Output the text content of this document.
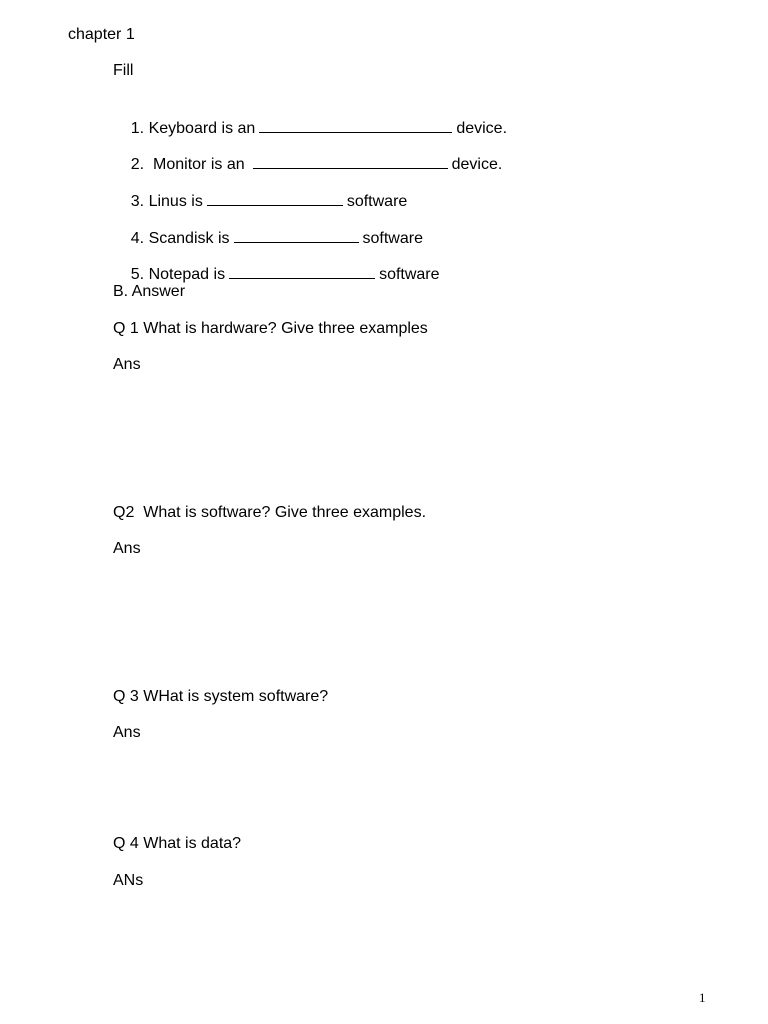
chapter 1
Fill

1. Keyboard is an	device.

2.  Monitor is an	device.

3. Linus is	software

4. Scandisk is	software

5. Notepad is	software

B. Answer
Q 1 What is hardware? Give three examples
Ans
Q2  What is software? Give three examples.
Ans
Q 3 WHat is system software?
Ans
Q 4 What is data?
ANs
1
